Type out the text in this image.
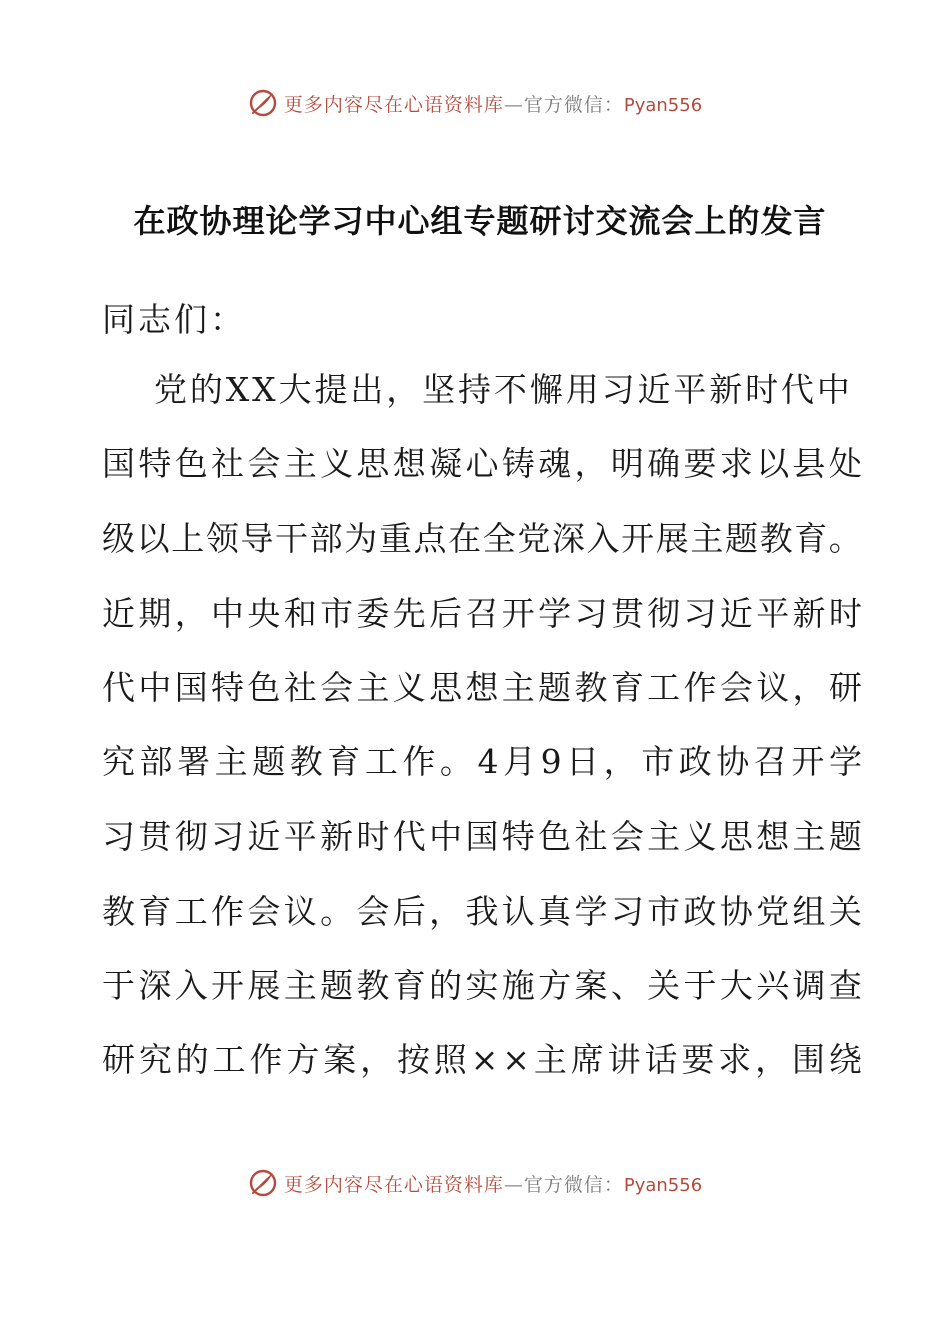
更多内容尽在心语资料库—官方微信：Pyan556
在政协理论学习中心组专题研讨交流会上的发言
同志们：
党 的 X X 大 提 出 ， 坚 持 不 懈 用 习 近 平 新 时 代 中
国 特 色 社 会 主 义 思 想 凝 心 铸 魂 ， 明 确 要 求 以 县 处
级 以 上 领 导 干 部 为 重 点 在 全 党 深 入 开 展 主 题 教 育 。
近 期 ， 中 央 和 市 委 先 后 召 开 学 习 贯 彻 习 近 平 新 时
代 中 国 特 色 社 会 主 义 思 想 主 题 教 育 工 作 会 议 ， 研
究 部 署 主 题 教 育 工 作 。 4 月 9 日 ， 市 政 协 召 开 学
习 贯 彻 习 近 平 新 时 代 中 国 特 色 社 会 主 义 思 想 主 题
教 育 工 作 会 议 。 会 后 ， 我 认 真 学 习 市 政 协 党 组 关
于 深 入 开 展 主 题 教 育 的 实 施 方 案 、 关 于 大 兴 调 查
研 究 的 工 作 方 案 ， 按 照 × × 主 席 讲 话 要 求 ， 围 绕
更多内容尽在心语资料库—官方微信：Pyan556
